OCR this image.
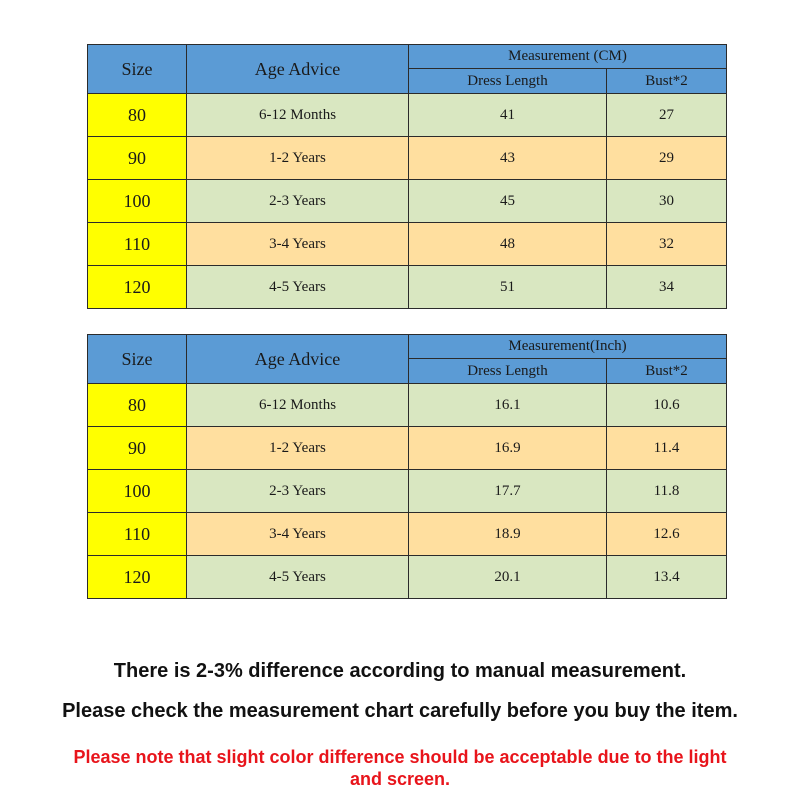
Size	Age Advice	Measurement (CM)	
		Dress Length	Bust*2
80	6-12 Months	41	27
90	1-2 Years	43	29
100	2-3 Years	45	30
110	3-4 Years	48	32
120	4-5 Years	51	34
Size	Age Advice	Measurement(Inch)	
		Dress Length	Bust*2
80	6-12 Months	16.1	10.6
90	1-2 Years	16.9	11.4
100	2-3 Years	17.7	11.8
110	3-4 Years	18.9	12.6
120	4-5 Years	20.1	13.4
There is 2-3% difference according to manual measurement.
Please check the measurement chart carefully before you buy the item.
Please note that slight color difference should be acceptable due to the light and screen.
